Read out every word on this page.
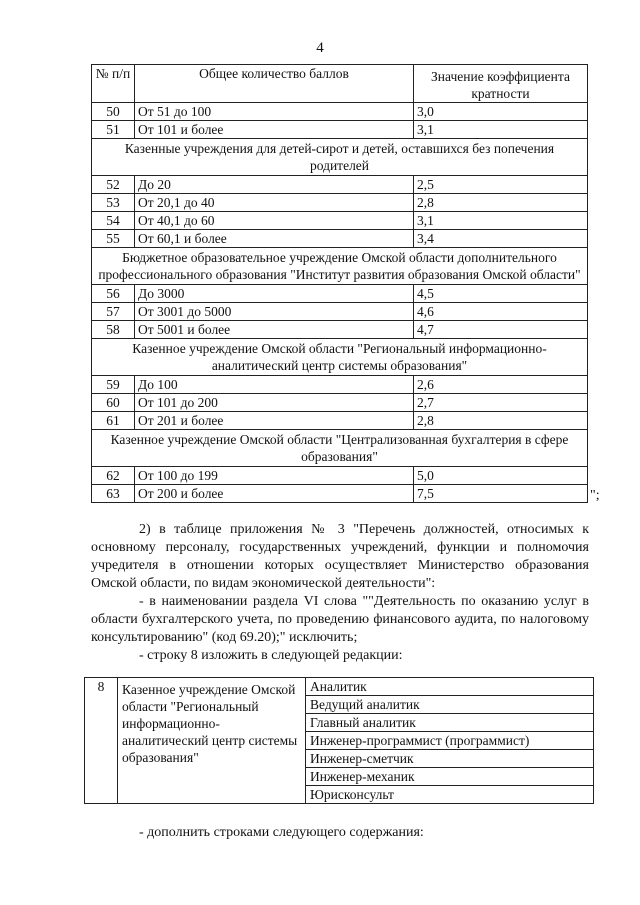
4
№ п/п	Общее количество баллов	Значение коэффициента кратности
50	От 51 до 100	3,0
51	От 101 и более	3,1
Казенные учреждения для детей-сирот и детей, оставшихся без попечения родителей		
52	До 20	2,5
53	От 20,1 до 40	2,8
54	От 40,1 до 60	3,1
55	От 60,1 и более	3,4
Бюджетное образовательное учреждение Омской области дополнительного профессионального образования "Институт развития образования Омской области"		
56	До 3000	4,5
57	От 3001 до 5000	4,6
58	От 5001 и более	4,7
Казенное учреждение Омской области "Региональный информационно-аналитический центр системы образования"		
59	До 100	2,6
60	От 101 до 200	2,7
61	От 201 и более	2,8
Казенное учреждение Омской области "Централизованная бухгалтерия в сфере образования"		
62	От 100 до 199	5,0
63	От 200 и более	7,5	";

2) в таблице приложения № 3 "Перечень должностей, относимых к основному персоналу, государственных учреждений, функции и полномочия учредителя в отношении которых осуществляет Министерство образования Омской области, по видам экономической деятельности":

- в наименовании раздела VI слова ""Деятельность по оказанию услуг в области бухгалтерского учета, по проведению финансового аудита, по налоговому консультированию" (код 69.20);" исключить;

- строку 8 изложить в следующей редакции:

8	Казенное учреждение Омской области "Региональный информационно-аналитический центр системы образования"	Аналитик
Ведущий аналитик
Главный аналитик
Инженер-программист (программист)
Инженер-сметчик
Инженер-механик
Юрисконсульт

- дополнить строками следующего содержания:
